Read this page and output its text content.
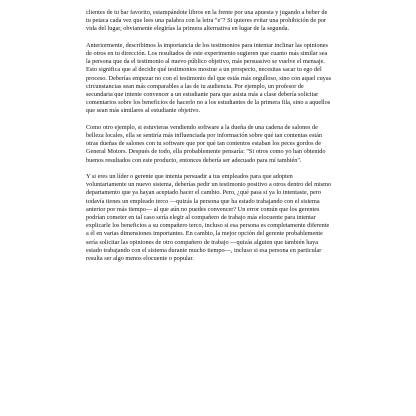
clientes de tu bar favorito, estampándote libros en la frente por una apuesta y jugando a beber de tu petaca cada vez que lees una palabra con la letra "e"? Si quieres evitar una prohibición de por vida del lugar, obviamente elegirías la primera alternativa en lugar de la segunda.

Anteriormente, describimos la importancia de los testimonios para intentar inclinar las opiniones de otros en tu dirección. Los resultados de este experimento sugieren que cuanto más similar sea la persona que da el testimonio al nuevo público objetivo, más persuasivo se vuelve el mensaje. Esto significa que al decidir qué testimonios mostrar a un prospecto, necesitas sacar tu ego del proceso. Deberías empezar no con el testimonio del que estás más orgulloso, sino con aquel cuyas circunstancias sean más comparables a las de tu audiencia. Por ejemplo, un profesor de secundaria que intente convencer a un estudiante para que asista más a clase debería solicitar comentarios sobre los beneficios de hacerlo no a los estudiantes de la primera fila, sino a aquellos que sean más similares al estudiante objetivo.

Como otro ejemplo, si estuvieras vendiendo software a la dueña de una cadena de salones de belleza locales, ella se sentiría más influenciada por información sobre qué tan contentas están otras dueñas de salones con tu software que por qué tan contentos estaban los peces gordos de General Motors. Después de todo, ella probablemente pensaría: "Si otros como yo han obtenido buenos resultados con este producto, entonces debería ser adecuado para mí también".

Y si eres un líder o gerente que intenta persuadir a tus empleados para que adopten voluntariamente un nuevo sistema, deberías pedir un testimonio positivo a otros dentro del mismo departamento que ya hayan aceptado hacer el cambio. Pero, ¿qué pasa si ya lo intentaste, pero todavía tienes un empleado terco —quizás la persona que ha estado trabajando con el sistema anterior por más tiempo— al que aún no puedes convencer? Un error común que los gerentes podrían cometer en tal caso sería elegir al compañero de trabajo más elocuente para intentar explicarle los beneficios a su compañero terco, incluso si esa persona es completamente diferente a él en varias dimensiones importantes. En cambio, la mejor opción del gerente probablemente sería solicitar las opiniones de otro compañero de trabajo —quizás alguien que también haya estado trabajando con el sistema durante mucho tiempo—, incluso si esa persona en particular resulta ser algo menos elocuente o popular.
